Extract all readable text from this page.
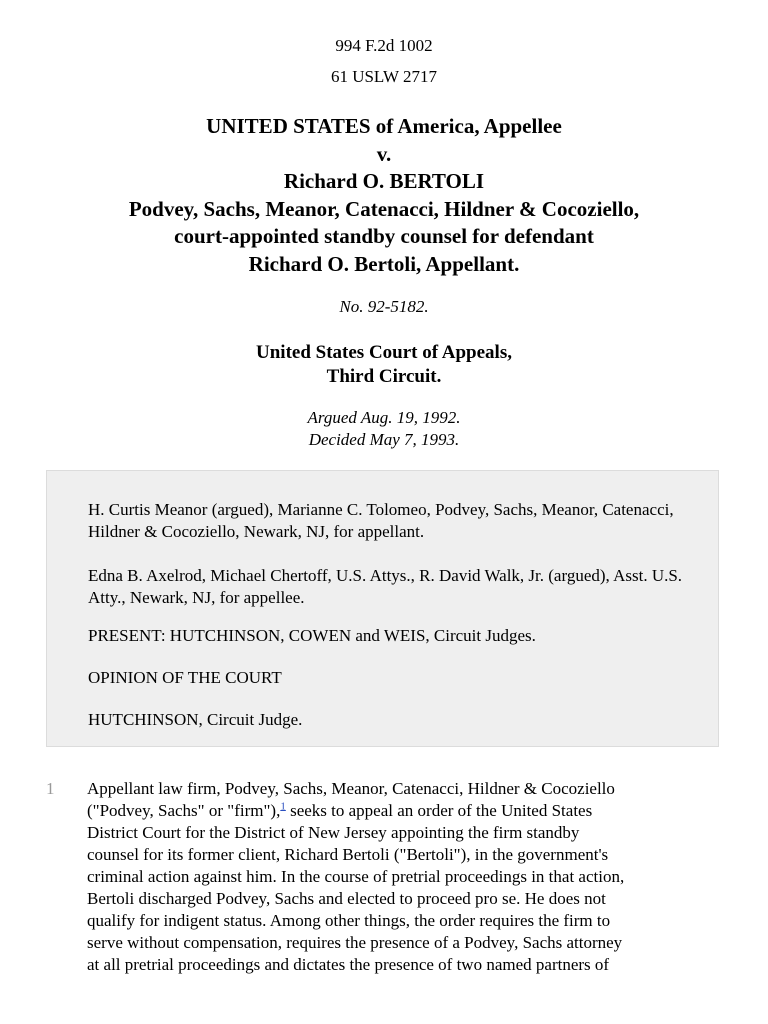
994 F.2d 1002
61 USLW 2717
UNITED STATES of America, Appellee
v.
Richard O. BERTOLI
Podvey, Sachs, Meanor, Catenacci, Hildner & Cocoziello,
court-appointed standby counsel for defendant
Richard O. Bertoli, Appellant.
No. 92-5182.
United States Court of Appeals,
Third Circuit.
Argued Aug. 19, 1992.
Decided May 7, 1993.

H. Curtis Meanor (argued), Marianne C. Tolomeo, Podvey, Sachs, Meanor, Catenacci, Hildner & Cocoziello, Newark, NJ, for appellant.

Edna B. Axelrod, Michael Chertoff, U.S. Attys., R. David Walk, Jr. (argued), Asst. U.S. Atty., Newark, NJ, for appellee.

PRESENT: HUTCHINSON, COWEN and WEIS, Circuit Judges.

OPINION OF THE COURT

HUTCHINSON, Circuit Judge.

1 Appellant law firm, Podvey, Sachs, Meanor, Catenacci, Hildner & Cocoziello
("Podvey, Sachs" or "firm"),$^1$ seeks to appeal an order of the United States
District Court for the District of New Jersey appointing the firm standby
counsel for its former client, Richard Bertoli ("Bertoli"), in the government's
criminal action against him. In the course of pretrial proceedings in that action,
Bertoli discharged Podvey, Sachs and elected to proceed pro se. He does not
qualify for indigent status. Among other things, the order requires the firm to
serve without compensation, requires the presence of a Podvey, Sachs attorney
at all pretrial proceedings and dictates the presence of two named partners of
